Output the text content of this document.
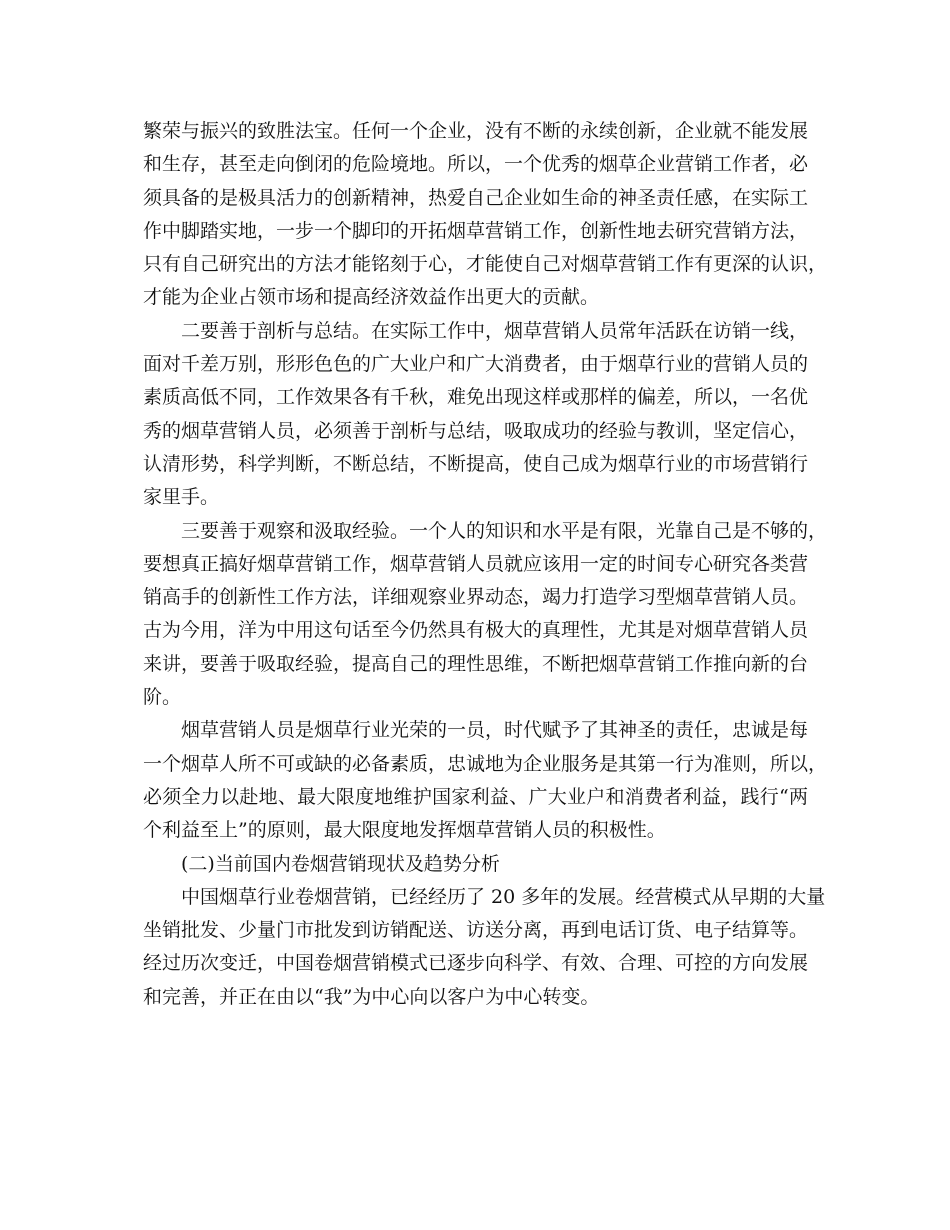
繁荣与振兴的致胜法宝。任何一个企业，没有不断的永续创新，企业就不能发展
和生存，甚至走向倒闭的危险境地。所以，一个优秀的烟草企业营销工作者，必
须具备的是极具活力的创新精神，热爱自己企业如生命的神圣责任感，在实际工
作中脚踏实地，一步一个脚印的开拓烟草营销工作，创新性地去研究营销方法，
只有自己研究出的方法才能铭刻于心，才能使自己对烟草营销工作有更深的认识，
才能为企业占领市场和提高经济效益作出更大的贡献。
　　二要善于剖析与总结。在实际工作中，烟草营销人员常年活跃在访销一线，
面对千差万别，形形色色的广大业户和广大消费者，由于烟草行业的营销人员的
素质高低不同，工作效果各有千秋，难免出现这样或那样的偏差，所以，一名优
秀的烟草营销人员，必须善于剖析与总结，吸取成功的经验与教训，坚定信心，
认清形势，科学判断，不断总结，不断提高，使自己成为烟草行业的市场营销行
家里手。
　　三要善于观察和汲取经验。一个人的知识和水平是有限，光靠自己是不够的，
要想真正搞好烟草营销工作，烟草营销人员就应该用一定的时间专心研究各类营
销高手的创新性工作方法，详细观察业界动态，竭力打造学习型烟草营销人员。
古为今用，洋为中用这句话至今仍然具有极大的真理性，尤其是对烟草营销人员
来讲，要善于吸取经验，提高自己的理性思维，不断把烟草营销工作推向新的台
阶。
　　烟草营销人员是烟草行业光荣的一员，时代赋予了其神圣的责任，忠诚是每
一个烟草人所不可或缺的必备素质，忠诚地为企业服务是其第一行为准则，所以，
必须全力以赴地、最大限度地维护国家利益、广大业户和消费者利益，践行“两
个利益至上”的原则，最大限度地发挥烟草营销人员的积极性。
　　(二)当前国内卷烟营销现状及趋势分析
　　中国烟草行业卷烟营销，已经经历了 20 多年的发展。经营模式从早期的大量
坐销批发、少量门市批发到访销配送、访送分离，再到电话订货、电子结算等。
经过历次变迁，中国卷烟营销模式已逐步向科学、有效、合理、可控的方向发展
和完善，并正在由以“我”为中心向以客户为中心转变。
